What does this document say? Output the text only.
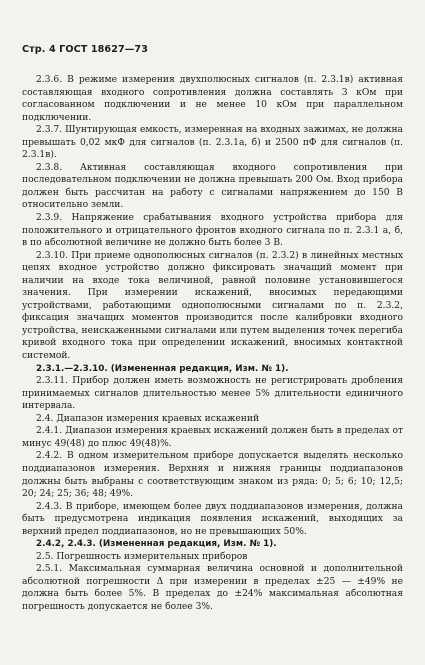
Стр. 4 ГОСТ 18627—73

2.3.6. В режиме измерения двухполюсных сигналов (п. 2.3.1в) активная составляющая входного сопротивления должна составлять 3 кОм при согласованном подключении и не менее 10 кОм при параллельном подключении.

2.3.7. Шунтирующая емкость, измеренная на входных зажимах, не должна превышать 0,02 мкФ для сигналов (п. 2.3.1а, б) и 2500 пФ для сигналов (п. 2.3.1в).

2.3.8. Активная составляющая входного сопротивления при последовательном подключении не должна превышать 200 Ом. Вход прибора должен быть рассчитан на работу с сигналами напряжением до 150 В относительно земли.

2.3.9. Напряжение срабатывания входного устройства прибора для положительного и отрицательного фронтов входного сигнала по п. 2.3.1 а, б, в по абсолютной величине не должно быть более 3 В.

2.3.10. При приеме однополюсных сигналов (п. 2.3.2) в линейных местных цепях входное устройство должно фиксировать значащий момент при наличии на входе тока величиной, равной половине установившегося значения. При измерении искажений, вносимых передающими устройствами, работающими однополюсными сигналами по п. 2.3.2, фиксация значащих моментов производится после калибровки входного устройства, неискаженными сигналами или путем выделения точек перегиба кривой входного тока при определении искажений, вносимых контактной системой.

2.3.1.—2.3.10. (Измененная редакция, Изм. № 1).

2.3.11. Прибор должен иметь возможность не регистрировать дробления принимаемых сигналов длительностью менее 5% длительности единичного интервала.

2.4. Диапазон измерения краевых искажений

2.4.1. Диапазон измерения краевых искажений должен быть в пределах от минус 49(48) до плюс 49(48)%.

2.4.2. В одном измерительном приборе допускается выделять несколько поддиапазонов измерения. Верхняя и нижняя границы поддиапазонов должны быть выбраны с соответствующим знаком из ряда: 0; 5; 6; 10; 12,5; 20; 24; 25; 36; 48; 49%.

2.4.3. В приборе, имеющем более двух поддиапазонов измерения, должна быть предусмотрена индикация появления искажений, выходящих за верхний предел поддиапазонов, но не превышающих 50%.

2.4.2, 2.4.3. (Измененная редакция, Изм. № 1).

2.5. Погрешность измерительных приборов

2.5.1. Максимальная суммарная величина основной и дополнительной абсолютной погрешности Δ при измерении в пределах ±25 — ±49% не должна быть более 5%. В пределах до ±24% максимальная абсолютная погрешность допускается не более 3%.
